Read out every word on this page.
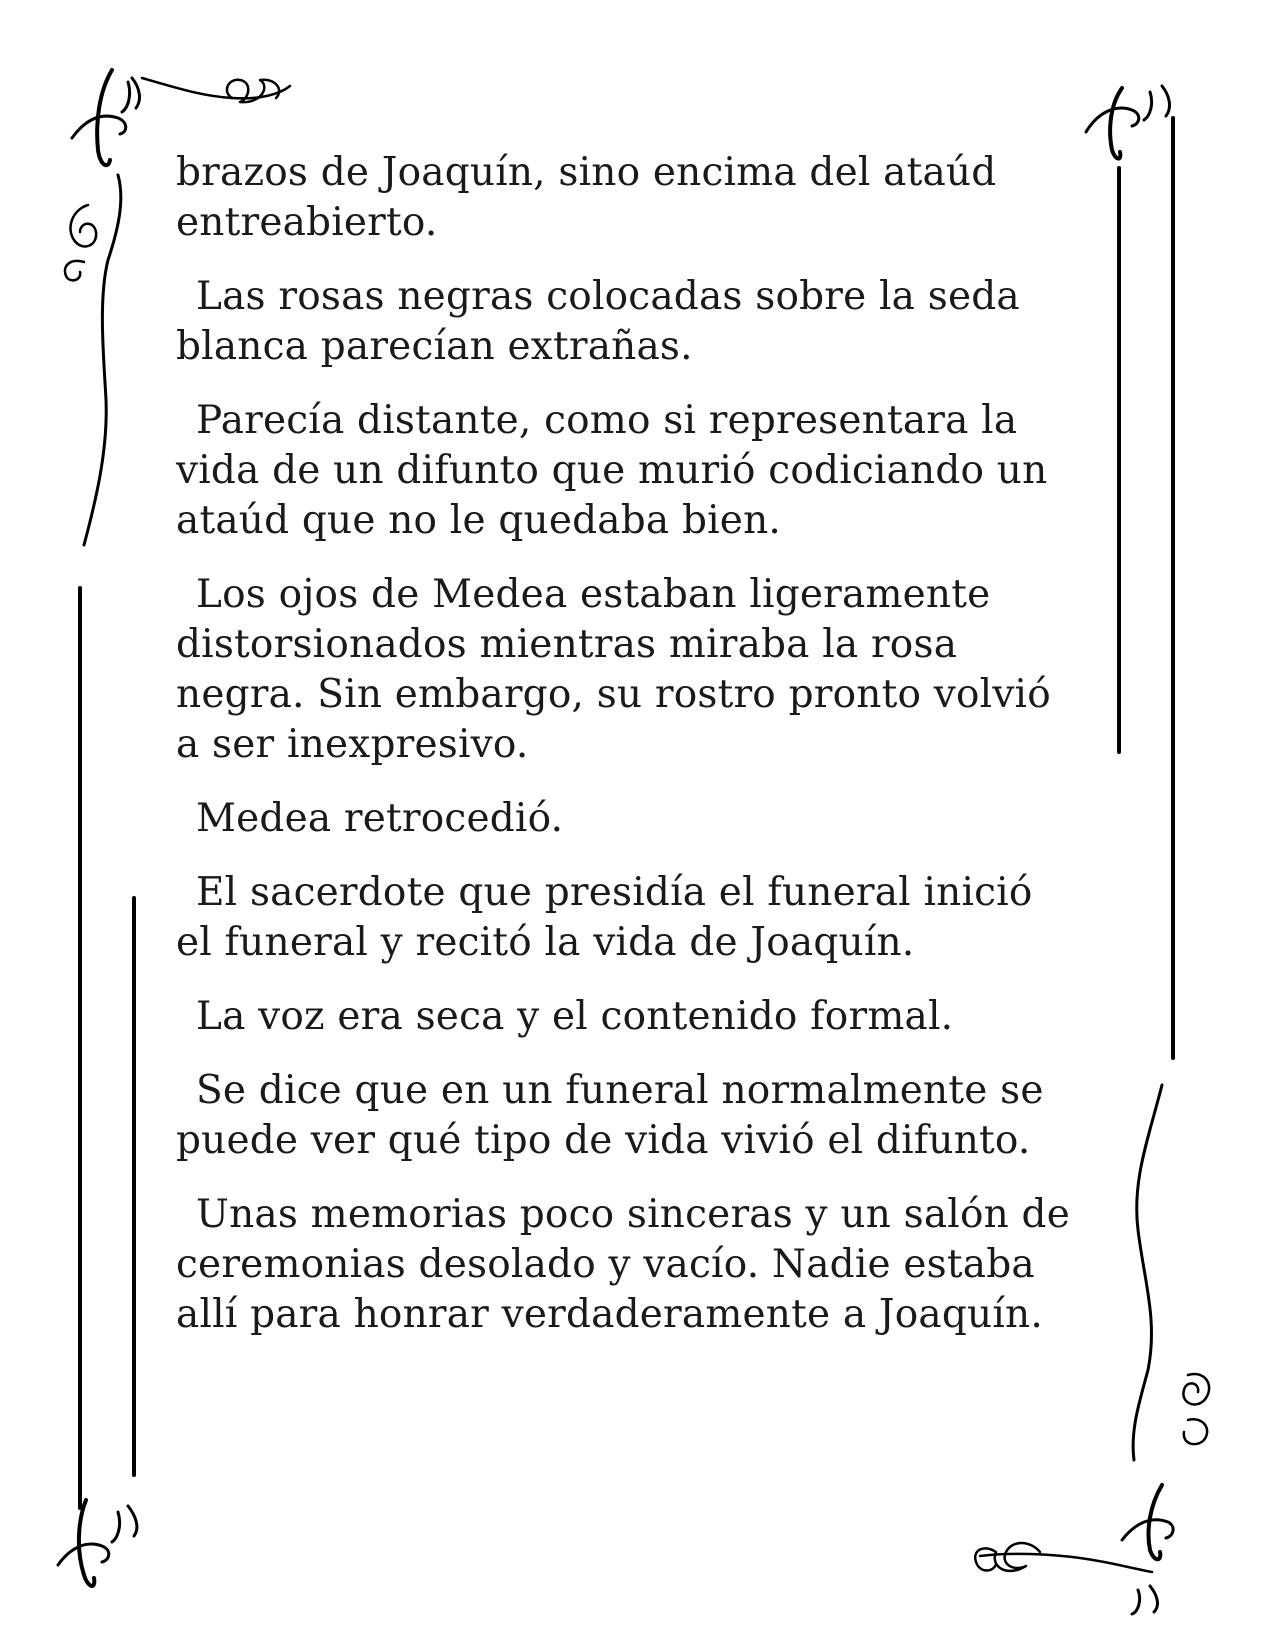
brazos de Joaquín, sino encima del ataúd entreabierto.

Las rosas negras colocadas sobre la seda blanca parecían extrañas.

Parecía distante, como si representara la vida de un difunto que murió codiciando un ataúd que no le quedaba bien.

Los ojos de Medea estaban ligeramente distorsionados mientras miraba la rosa negra. Sin embargo, su rostro pronto volvió a ser inexpresivo.

Medea retrocedió.

El sacerdote que presidía el funeral inició el funeral y recitó la vida de Joaquín.

La voz era seca y el contenido formal.

Se dice que en un funeral normalmente se puede ver qué tipo de vida vivió el difunto.

Unas memorias poco sinceras y un salón de ceremonias desolado y vacío. Nadie estaba allí para honrar verdaderamente a Joaquín.
